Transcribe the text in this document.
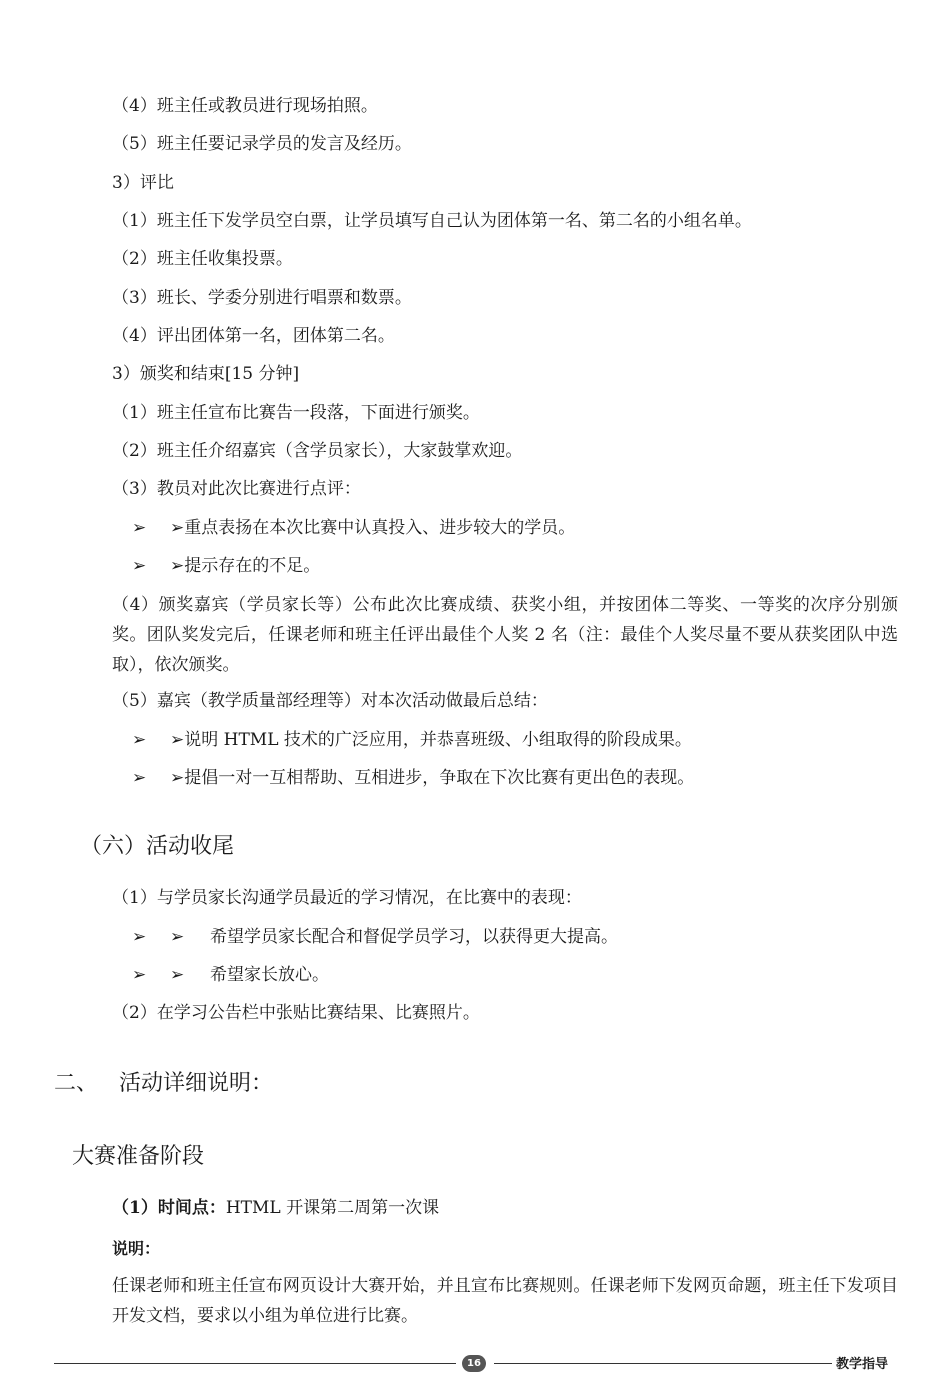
（4）班主任或教员进行现场拍照。

（5）班主任要记录学员的发言及经历。

3）评比

（1）班主任下发学员空白票，让学员填写自己认为团体第一名、第二名的小组名单。

（2）班主任收集投票。

（3）班长、学委分别进行唱票和数票。

（4）评出团体第一名，团体第二名。

3）颁奖和结束[15 分钟]

（1）班主任宣布比赛告一段落，下面进行颁奖。

（2）班主任介绍嘉宾（含学员家长），大家鼓掌欢迎。

（3）教员对此次比赛进行点评：

➢ ➢重点表扬在本次比赛中认真投入、进步较大的学员。
➢ ➢提示存在的不足。

（4）颁奖嘉宾（学员家长等）公布此次比赛成绩、获奖小组，并按团体二等奖、一等奖的次序分别颁奖。团队奖发完后，任课老师和班主任评出最佳个人奖 2 名（注：最佳个人奖尽量不要从获奖团队中选取），依次颁奖。

（5）嘉宾（教学质量部经理等）对本次活动做最后总结：

➢ ➢说明 HTML 技术的广泛应用，并恭喜班级、小组取得的阶段成果。
➢ ➢提倡一对一互相帮助、互相进步，争取在下次比赛有更出色的表现。
（六）活动收尾

（1）与学员家长沟通学员最近的学习情况，在比赛中的表现：

➢ ➢ 希望学员家长配合和督促学员学习，以获得更大提高。
➢ ➢ 希望家长放心。

（2）在学习公告栏中张贴比赛结果、比赛照片。

二、   活动详细说明：
大赛准备阶段

（1）时间点：HTML 开课第二周第一次课

说明：

任课老师和班主任宣布网页设计大赛开始，并且宣布比赛规则。任课老师下发网页命题，班主任下发项目开发文档，要求以小组为单位进行比赛。

16	教学指导
